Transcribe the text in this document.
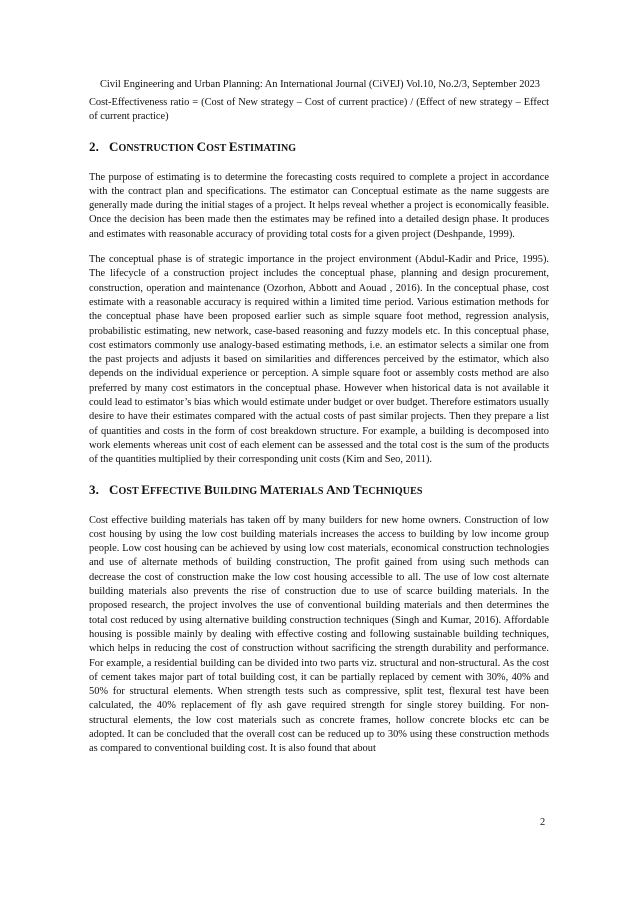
Civil Engineering and Urban Planning: An International Journal (CiVEJ) Vol.10, No.2/3, September 2023

Cost-Effectiveness ratio = (Cost of New strategy – Cost of current practice) / (Effect of new strategy – Effect of current practice)

2. CONSTRUCTION COST ESTIMATING

The purpose of estimating is to determine the forecasting costs required to complete a project in accordance with the contract plan and specifications. The estimator can Conceptual estimate as the name suggests are generally made during the initial stages of a project. It helps reveal whether a project is economically feasible. Once the decision has been made then the estimates may be refined into a detailed design phase. It produces and estimates with reasonable accuracy of providing total costs for a given project (Deshpande, 1999).

The conceptual phase is of strategic importance in the project environment (Abdul-Kadir and Price, 1995). The lifecycle of a construction project includes the conceptual phase, planning and design procurement, construction, operation and maintenance (Ozorhon, Abbott and Aouad , 2016). In the conceptual phase, cost estimate with a reasonable accuracy is required within a limited time period. Various estimation methods for the conceptual phase have been proposed earlier such as simple square foot method, regression analysis, probabilistic estimating, new network, case-based reasoning and fuzzy models etc. In this conceptual phase, cost estimators commonly use analogy-based estimating methods, i.e. an estimator selects a similar one from the past projects and adjusts it based on similarities and differences perceived by the estimator, which also depends on the individual experience or perception. A simple square foot or assembly costs method are also preferred by many cost estimators in the conceptual phase. However when historical data is not available it could lead to estimator’s bias which would estimate under budget or over budget. Therefore estimators usually desire to have their estimates compared with the actual costs of past similar projects. Then they prepare a list of quantities and costs in the form of cost breakdown structure. For example, a building is decomposed into work elements whereas unit cost of each element can be assessed and the total cost is the sum of the products of the quantities multiplied by their corresponding unit costs (Kim and Seo, 2011).

3. COST EFFECTIVE BUILDING MATERIALS AND TECHNIQUES

Cost effective building materials has taken off by many builders for new home owners. Construction of low cost housing by using the low cost building materials increases the access to building by low income group people. Low cost housing can be achieved by using low cost materials, economical construction technologies and use of alternate methods of building construction, The profit gained from using such methods can decrease the cost of construction make the low cost housing accessible to all. The use of low cost alternate building materials also prevents the rise of construction due to use of scarce building materials. In the proposed research, the project involves the use of conventional building materials and then determines the total cost reduced by using alternative building construction techniques (Singh and Kumar, 2016). Affordable housing is possible mainly by dealing with effective costing and following sustainable building techniques, which helps in reducing the cost of construction without sacrificing the strength durability and performance. For example, a residential building can be divided into two parts viz. structural and non-structural. As the cost of cement takes major part of total building cost, it can be partially replaced by cement with 30%, 40% and 50% for structural elements. When strength tests such as compressive, split test, flexural test have been calculated, the 40% replacement of fly ash gave required strength for single storey building. For non-structural elements, the low cost materials such as concrete frames, hollow concrete blocks etc can be adopted. It can be concluded that the overall cost can be reduced up to 30% using these construction methods as compared to conventional building cost. It is also found that about

2
